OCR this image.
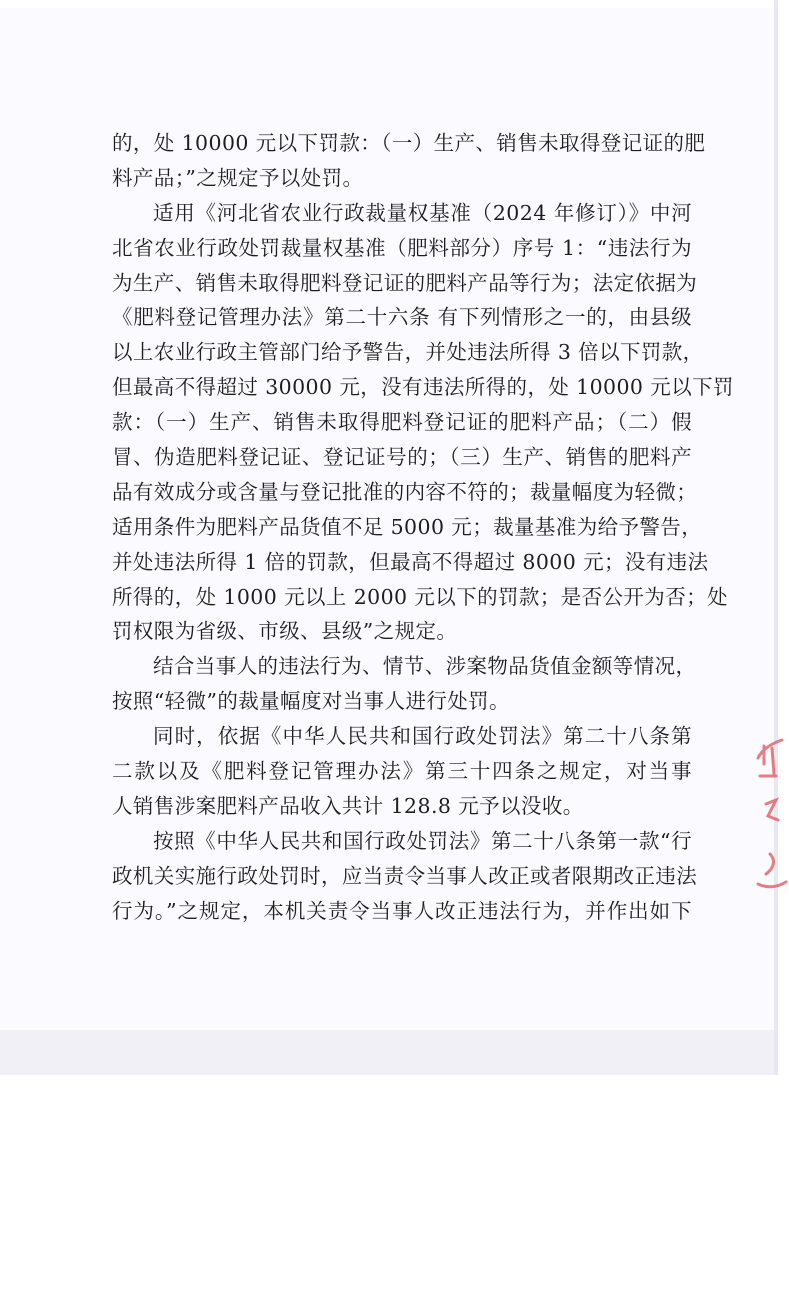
的，处 10000 元以下罚款：（一）生产、销售未取得登记证的肥
料产品；”之规定予以处罚。
适用《河北省农业行政裁量权基准（2024 年修订）》中河
北省农业行政处罚裁量权基准（肥料部分）序号 1：“违法行为
为生产、销售未取得肥料登记证的肥料产品等行为；法定依据为
《肥料登记管理办法》第二十六条 有下列情形之一的，由县级
以上农业行政主管部门给予警告，并处违法所得 3 倍以下罚款，
但最高不得超过 30000 元，没有违法所得的，处 10000 元以下罚
款：（一）生产、销售未取得肥料登记证的肥料产品；（二）假
冒、伪造肥料登记证、登记证号的；（三）生产、销售的肥料产
品有效成分或含量与登记批准的内容不符的；裁量幅度为轻微；
适用条件为肥料产品货值不足 5000 元；裁量基准为给予警告，
并处违法所得 1 倍的罚款，但最高不得超过 8000 元；没有违法
所得的，处 1000 元以上 2000 元以下的罚款；是否公开为否；处
罚权限为省级、市级、县级”之规定。
结合当事人的违法行为、情节、涉案物品货值金额等情况，
按照“轻微”的裁量幅度对当事人进行处罚。
同时，依据《中华人民共和国行政处罚法》第二十八条第
二款以及《肥料登记管理办法》第三十四条之规定，对当事
人销售涉案肥料产品收入共计 128.8 元予以没收。
按照《中华人民共和国行政处罚法》第二十八条第一款“行
政机关实施行政处罚时，应当责令当事人改正或者限期改正违法
行为。”之规定，本机关责令当事人改正违法行为，并作出如下
